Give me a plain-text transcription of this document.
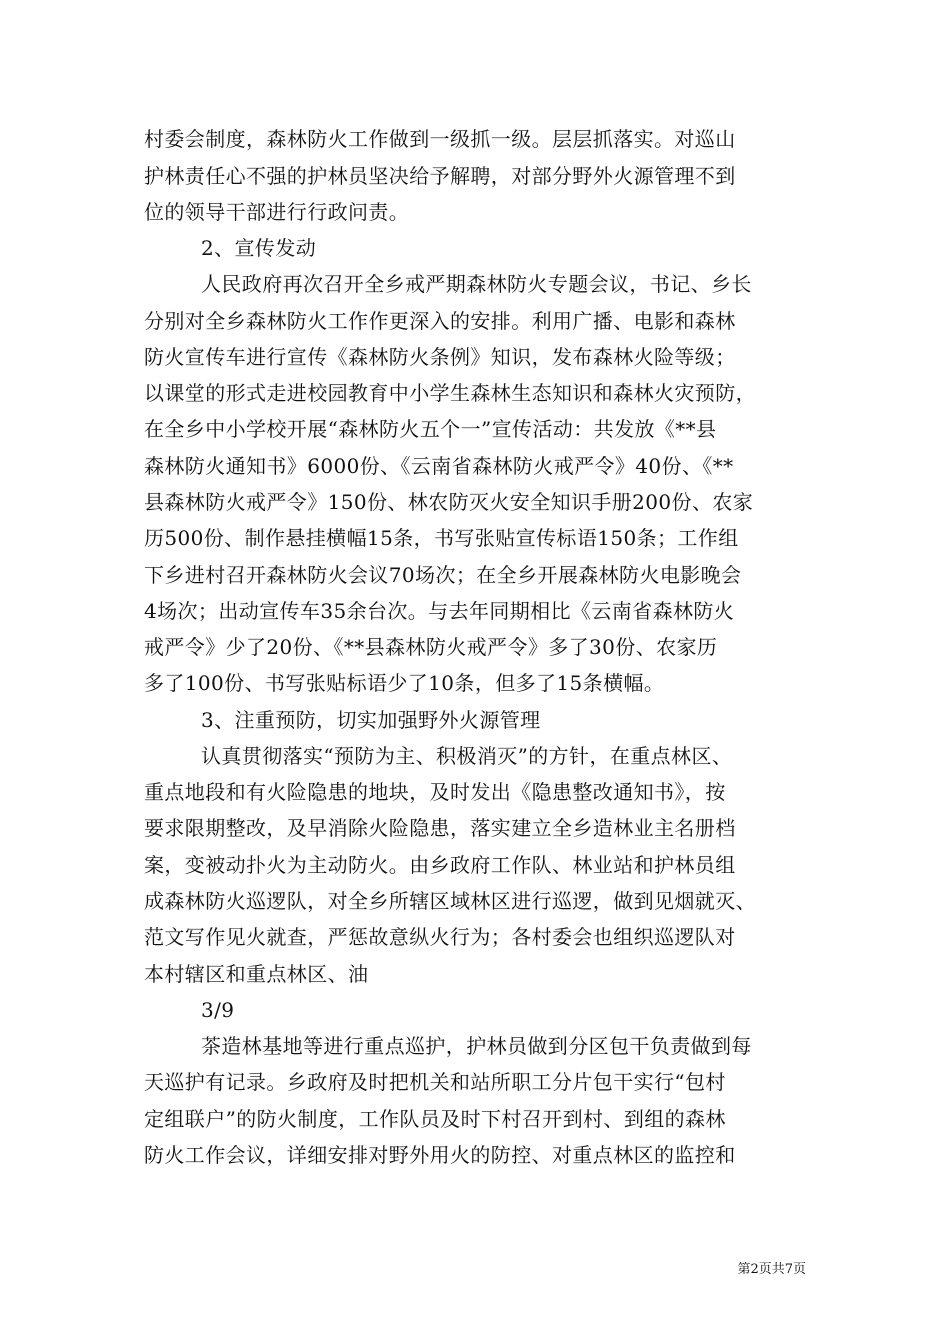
村委会制度，森林防火工作做到一级抓一级。层层抓落实。对巡山
护林责任心不强的护林员坚决给予解聘，对部分野外火源管理不到
位的领导干部进行行政问责。
2、宣传发动
人民政府再次召开全乡戒严期森林防火专题会议，书记、乡长
分别对全乡森林防火工作作更深入的安排。利用广播、电影和森林
防火宣传车进行宣传《森林防火条例》知识，发布森林火险等级；
以课堂的形式走进校园教育中小学生森林生态知识和森林火灾预防，
在全乡中小学校开展“森林防火五个一”宣传活动：共发放《**县
森林防火通知书》6000份、《云南省森林防火戒严令》40份、《**
县森林防火戒严令》150份、林农防灭火安全知识手册200份、农家
历500份、制作悬挂横幅15条，书写张贴宣传标语150条；工作组
下乡进村召开森林防火会议70场次；在全乡开展森林防火电影晚会
4场次；出动宣传车35余台次。与去年同期相比《云南省森林防火
戒严令》少了20份、《**县森林防火戒严令》多了30份、农家历
多了100份、书写张贴标语少了10条，但多了15条横幅。
3、注重预防，切实加强野外火源管理
认真贯彻落实“预防为主、积极消灭”的方针，在重点林区、
重点地段和有火险隐患的地块，及时发出《隐患整改通知书》，按
要求限期整改，及早消除火险隐患，落实建立全乡造林业主名册档
案，变被动扑火为主动防火。由乡政府工作队、林业站和护林员组
成森林防火巡逻队，对全乡所辖区域林区进行巡逻，做到见烟就灭、
范文写作见火就查，严惩故意纵火行为；各村委会也组织巡逻队对
本村辖区和重点林区、油
3/9
茶造林基地等进行重点巡护，护林员做到分区包干负责做到每
天巡护有记录。乡政府及时把机关和站所职工分片包干实行“包村
定组联户”的防火制度，工作队员及时下村召开到村、到组的森林
防火工作会议，详细安排对野外用火的防控、对重点林区的监控和
第2页共7页
